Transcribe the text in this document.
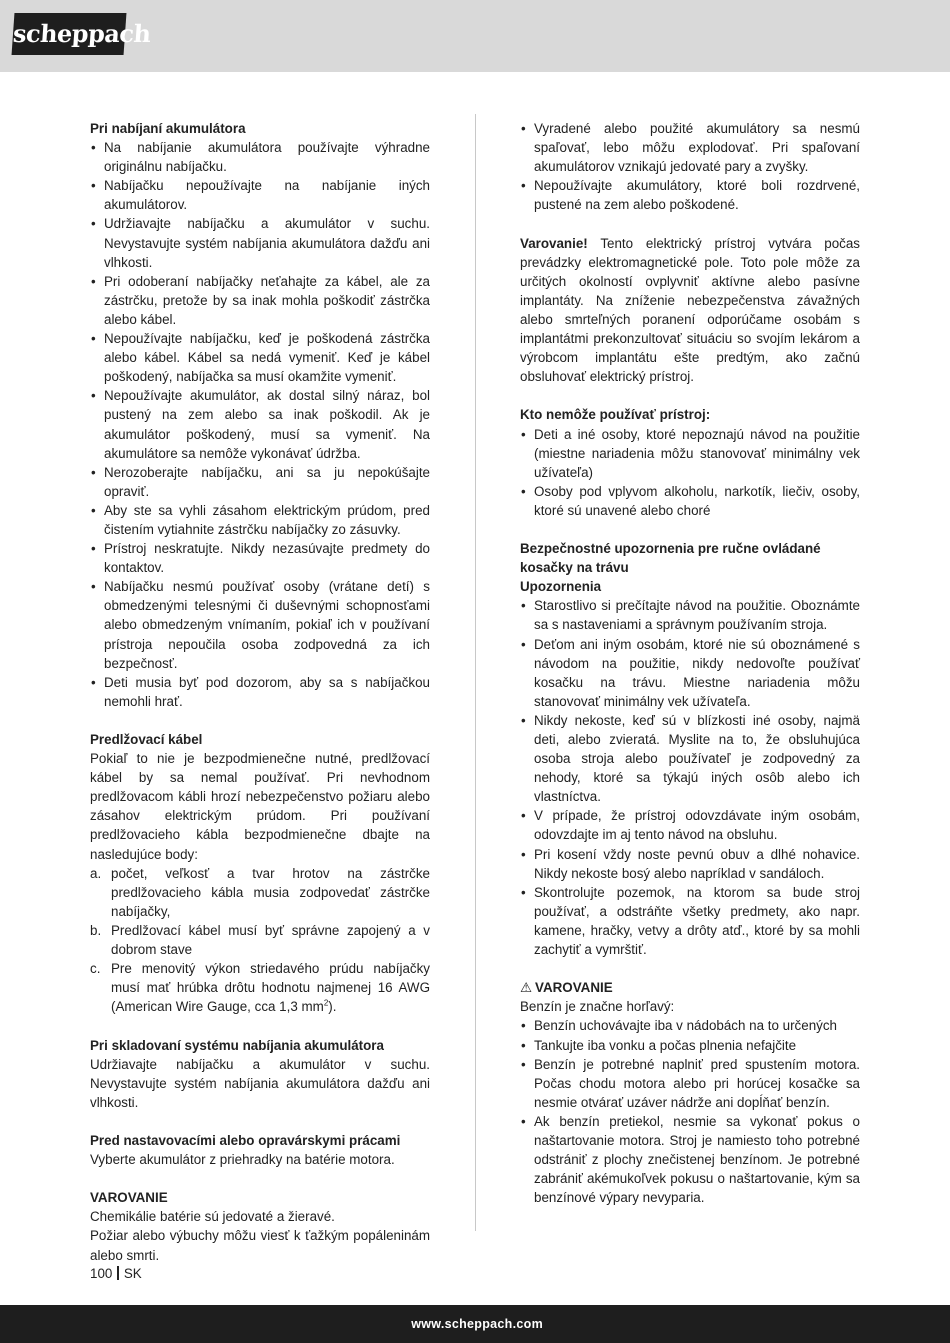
scheppach
Pri nabíjaní akumulátora
• Na nabíjanie akumulátora používajte výhradne originálnu nabíjačku.
• Nabíjačku nepoužívajte na nabíjanie iných akumulátorov.
• Udržiavajte nabíjačku a akumulátor v suchu. Nevystavujte systém nabíjania akumulátora dažďu ani vlhkosti.
• Pri odoberaní nabíjačky neťahajte za kábel, ale za zástrčku, pretože by sa inak mohla poškodiť zástrčka alebo kábel.
• Nepoužívajte nabíjačku, keď je poškodená zástrčka alebo kábel. Kábel sa nedá vymeniť. Keď je kábel poškodený, nabíjačka sa musí okamžite vymeniť.
• Nepoužívajte akumulátor, ak dostal silný náraz, bol pustený na zem alebo sa inak poškodil. Ak je akumulátor poškodený, musí sa vymeniť. Na akumulátore sa nemôže vykonávať údržba.
• Nerozoberajte nabíjačku, ani sa ju nepokúšajte opraviť.
• Aby ste sa vyhli zásahom elektrickým prúdom, pred čistením vytiahnite zástrčku nabíjačky zo zásuvky.
• Prístroj neskratujte. Nikdy nezasúvajte predmety do kontaktov.
• Nabíjačku nesmú používať osoby (vrátane detí) s obmedzenými telesnými či duševnými schopnosťami alebo obmedzeným vnímaním, pokiaľ ich v používaní prístroja nepoučila osoba zodpovedná za ich bezpečnosť.
• Deti musia byť pod dozorom, aby sa s nabíjačkou nemohli hrať.
Predlžovací kábel
Pokiaľ to nie je bezpodmienečne nutné, predlžovací kábel by sa nemal používať. Pri nevhodnom predlžovacom kábli hrozí nebezpečenstvo požiaru alebo zásahov elektrickým prúdom. Pri používaní predlžovacieho kábla bezpodmienečne dbajte na nasledujúce body:
a. počet, veľkosť a tvar hrotov na zástrčke predlžovacieho kábla musia zodpovedať zástrčke nabíjačky,
b. Predlžovací kábel musí byť správne zapojený a v dobrom stave
c. Pre menovitý výkon striedavého prúdu nabíjačky musí mať hrúbka drôtu hodnotu najmenej 16 AWG (American Wire Gauge, cca 1,3 $mm^2$).
Pri skladovaní systému nabíjania akumulátora
Udržiavajte nabíjačku a akumulátor v suchu. Nevystavujte systém nabíjania akumulátora dažďu ani vlhkosti.
Pred nastavovacími alebo opravárskymi prácami
Vyberte akumulátor z priehradky na batérie motora.
VAROVANIE
Chemikálie batérie sú jedovaté a žieravé.
Požiar alebo výbuchy môžu viesť k ťažkým popáleninám alebo smrti.
• Vyradené alebo použité akumulátory sa nesmú spaľovať, lebo môžu explodovať. Pri spaľovaní akumulátorov vznikajú jedovaté pary a zvyšky.
• Nepoužívajte akumulátory, ktoré boli rozdrvené, pustené na zem alebo poškodené.
Varovanie! Tento elektrický prístroj vytvára počas prevádzky elektromagnetické pole. Toto pole môže za určitých okolností ovplyvniť aktívne alebo pasívne implantáty. Na zníženie nebezpečenstva závažných alebo smrteľných poranení odporúčame osobám s implantátmi prekonzultovať situáciu so svojím lekárom a výrobcom implantátu ešte predtým, ako začnú obsluhovať elektrický prístroj.
Kto nemôže používať prístroj:
• Deti a iné osoby, ktoré nepoznajú návod na použitie (miestne nariadenia môžu stanovovať minimálny vek užívateľa)
• Osoby pod vplyvom alkoholu, narkotík, liečiv, osoby, ktoré sú unavené alebo choré
Bezpečnostné upozornenia pre ručne ovládané kosačky na trávu
Upozornenia
• Starostlivo si prečítajte návod na použitie. Oboznámte sa s nastaveniami a správnym používaním stroja.
• Deťom ani iným osobám, ktoré nie sú oboznámené s návodom na použitie, nikdy nedovoľte používať kosačku na trávu. Miestne nariadenia môžu stanovovať minimálny vek užívateľa.
• Nikdy nekoste, keď sú v blízkosti iné osoby, najmä deti, alebo zvieratá. Myslite na to, že obsluhujúca osoba stroja alebo používateľ je zodpovedný za nehody, ktoré sa týkajú iných osôb alebo ich vlastníctva.
• V prípade, že prístroj odovzdávate iným osobám, odovzdajte im aj tento návod na obsluhu.
• Pri kosení vždy noste pevnú obuv a dlhé nohavice. Nikdy nekoste bosý alebo napríklad v sandáloch.
• Skontrolujte pozemok, na ktorom sa bude stroj používať, a odstráňte všetky predmety, ako napr. kamene, hračky, vetvy a drôty atď., ktoré by sa mohli zachytiť a vymrštiť.
⚠ VAROVANIE
Benzín je značne horľavý:
• Benzín uchovávajte iba v nádobách na to určených
• Tankujte iba vonku a počas plnenia nefajčite
• Benzín je potrebné naplniť pred spustením motora. Počas chodu motora alebo pri horúcej kosačke sa nesmie otvárať uzáver nádrže ani dopĺňať benzín.
• Ak benzín pretiekol, nesmie sa vykonať pokus o naštartovanie motora. Stroj je namiesto toho potrebné odstrániť z plochy znečistenej benzínom. Je potrebné zabrániť akémukoľvek pokusu o naštartovanie, kým sa benzínové výpary nevyparia.
100 SK
www.scheppach.com
